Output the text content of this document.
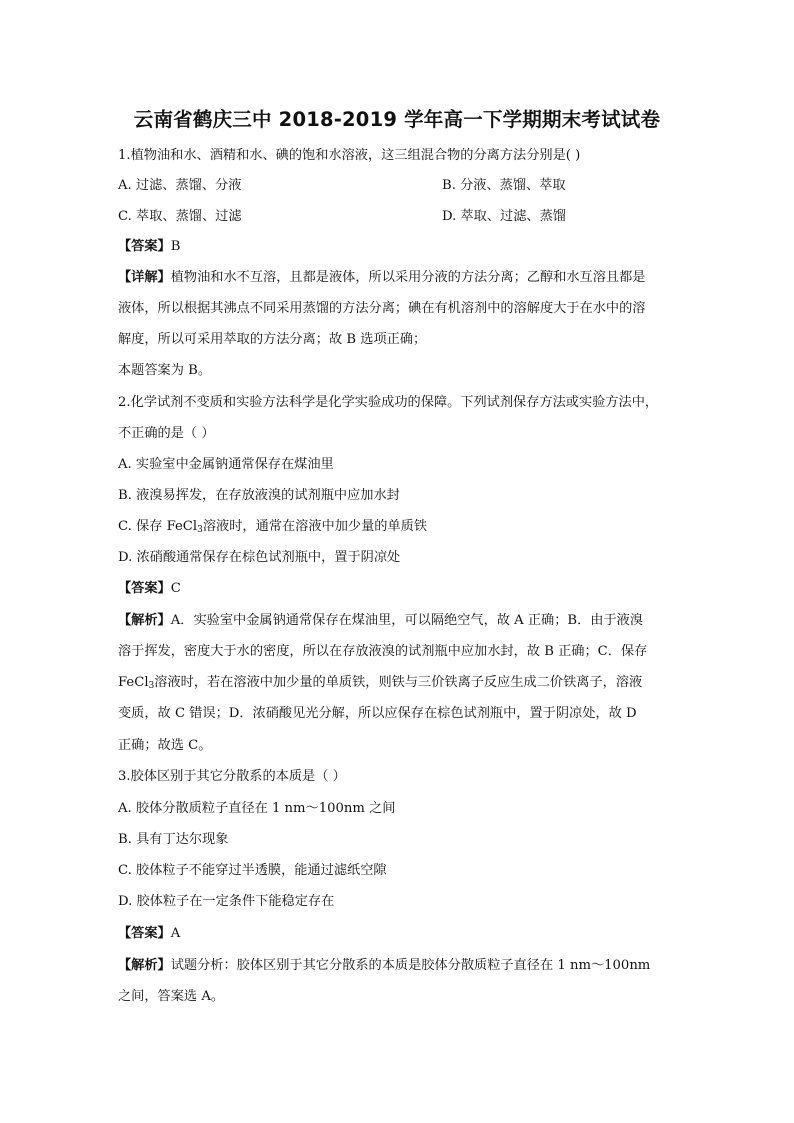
云南省鹤庆三中 2018-2019 学年高一下学期期末考试试卷
1.植物油和水、酒精和水、碘的饱和水溶液，这三组混合物的分离方法分别是( )
A. 过滤、蒸馏、分液	B. 分液、蒸馏、萃取
C. 萃取、蒸馏、过滤	D. 萃取、过滤、蒸馏
【答案】B
【详解】植物油和水不互溶，且都是液体，所以采用分液的方法分离；乙醇和水互溶且都是
液体，所以根据其沸点不同采用蒸馏的方法分离；碘在有机溶剂中的溶解度大于在水中的溶
解度，所以可采用萃取的方法分离；故 B 选项正确；
本题答案为 B。
2.化学试剂不变质和实验方法科学是化学实验成功的保障。下列试剂保存方法或实验方法中，
不正确的是（ ）
A. 实验室中金属钠通常保存在煤油里
B. 液溴易挥发，在存放液溴的试剂瓶中应加水封
C. 保存 FeCl$_3$溶液时，通常在溶液中加少量的单质铁
D. 浓硝酸通常保存在棕色试剂瓶中，置于阴凉处
【答案】C
【解析】A．实验室中金属钠通常保存在煤油里，可以隔绝空气，故 A 正确；B．由于液溴
溶于挥发，密度大于水的密度，所以在存放液溴的试剂瓶中应加水封，故 B 正确；C．保存
FeCl$_3$溶液时，若在溶液中加少量的单质铁，则铁与三价铁离子反应生成二价铁离子，溶液
变质，故 C 错误；D．浓硝酸见光分解，所以应保存在棕色试剂瓶中，置于阴凉处，故 D
正确；故选 C。
3.胶体区别于其它分散系的本质是（ ）
A. 胶体分散质粒子直径在 1 nm～100nm 之间
B. 具有丁达尔现象
C. 胶体粒子不能穿过半透膜，能通过滤纸空隙
D. 胶体粒子在一定条件下能稳定存在
【答案】A
【解析】试题分析：胶体区别于其它分散系的本质是胶体分散质粒子直径在 1 nm～100nm
之间，答案选 A。
